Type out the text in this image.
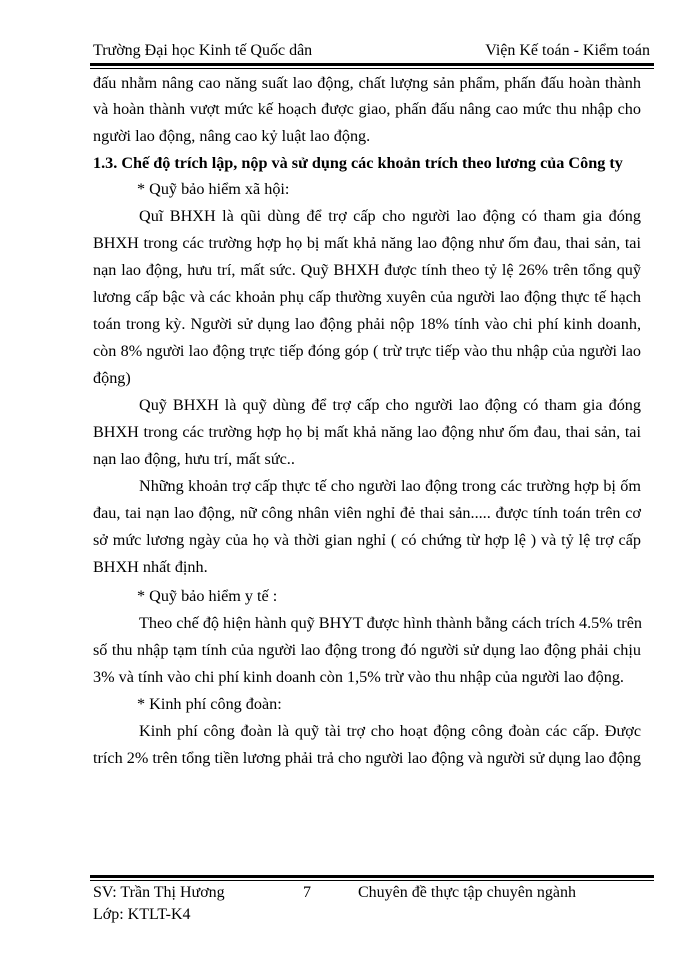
Trường Đại học Kinh tế Quốc dân	Viện Kế toán - Kiểm toán
đấu nhằm nâng cao năng suất lao động, chất lượng sản phẩm, phấn đấu hoàn thành
và hoàn thành vượt mức kế hoạch được giao, phấn đấu nâng cao mức thu nhập cho
người lao động, nâng cao kỷ luật lao động.
1.3. Chế độ trích lập, nộp và sử dụng các khoản trích theo lương của Công ty
* Quỹ bảo hiểm xã hội:
Quĩ BHXH là qũi dùng để trợ cấp cho người lao động có tham gia đóng
BHXH trong các trường hợp họ bị mất khả năng lao động như ốm đau, thai sản, tai
nạn lao động, hưu trí, mất sức. Quỹ BHXH được tính theo tỷ lệ 26% trên tổng quỹ
lương cấp bậc và các khoản phụ cấp thường xuyên của người lao động thực tế hạch
toán trong kỳ. Người sử dụng lao động phải nộp 18% tính vào chi phí kinh doanh,
còn 8% người lao động trực tiếp đóng góp ( trừ trực tiếp vào thu nhập của người lao
động)
Quỹ BHXH là quỹ dùng để trợ cấp cho người lao động có tham gia đóng
BHXH trong các trường hợp họ bị mất khả năng lao động như ốm đau, thai sản, tai
nạn lao động, hưu trí, mất sức..
Những khoản trợ cấp thực tế cho người lao động trong các trường hợp bị ốm
đau, tai nạn lao động, nữ công nhân viên nghỉ đẻ thai sản..... được tính toán trên cơ
sở mức lương ngày của họ và thời gian nghỉ ( có chứng từ hợp lệ ) và tỷ lệ trợ cấp
BHXH nhất định.
* Quỹ bảo hiểm y tế :
Theo chế độ hiện hành quỹ BHYT được hình thành bằng cách trích 4.5% trên
số thu nhập tạm tính của người lao động trong đó người sử dụng lao động phải chịu
3% và tính vào chi phí kinh doanh còn 1,5% trừ vào thu nhập của người lao động.
* Kinh phí công đoàn:
Kinh phí công đoàn là quỹ tài trợ cho hoạt động công đoàn các cấp. Được
trích 2% trên tổng tiền lương phải trả cho người lao động và người sử dụng lao động
SV: Trần Thị Hương	7	Chuyên đề thực tập chuyên ngành
Lớp: KTLT-K4
